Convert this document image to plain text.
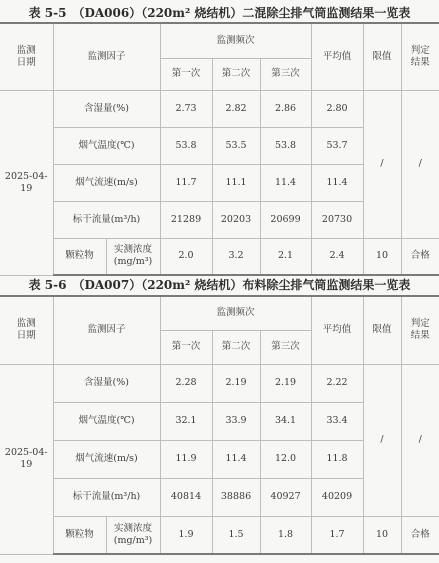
表 5-5　（DA006）（220m² 烧结机）二混除尘排气筒监测结果一览表
监测
日期	监测因子		监测频次			平均值	限值	判定
结果
			第一次	第二次	第三次			
2025-04-19	含湿量(%)		2.73	2.82	2.86	2.80	/	/
	烟气温度(℃)		53.8	53.5	53.8	53.7		
	烟气流速(m/s)		11.7	11.1	11.4	11.4		
	标干流量(m³/h)		21289	20203	20699	20730		
	颗粒物	实测浓度
(mg/m³)	2.0	3.2	2.1	2.4	10	合格
表 5-6　（DA007）（220m² 烧结机）布料除尘排气筒监测结果一览表
监测
日期	监测因子		监测频次			平均值	限值	判定
结果
			第一次	第二次	第三次			
2025-04-19	含湿量(%)		2.28	2.19	2.19	2.22	/	/
	烟气温度(℃)		32.1	33.9	34.1	33.4		
	烟气流速(m/s)		11.9	11.4	12.0	11.8		
	标干流量(m³/h)		40814	38886	40927	40209		
	颗粒物	实测浓度
(mg/m³)	1.9	1.5	1.8	1.7	10	合格
